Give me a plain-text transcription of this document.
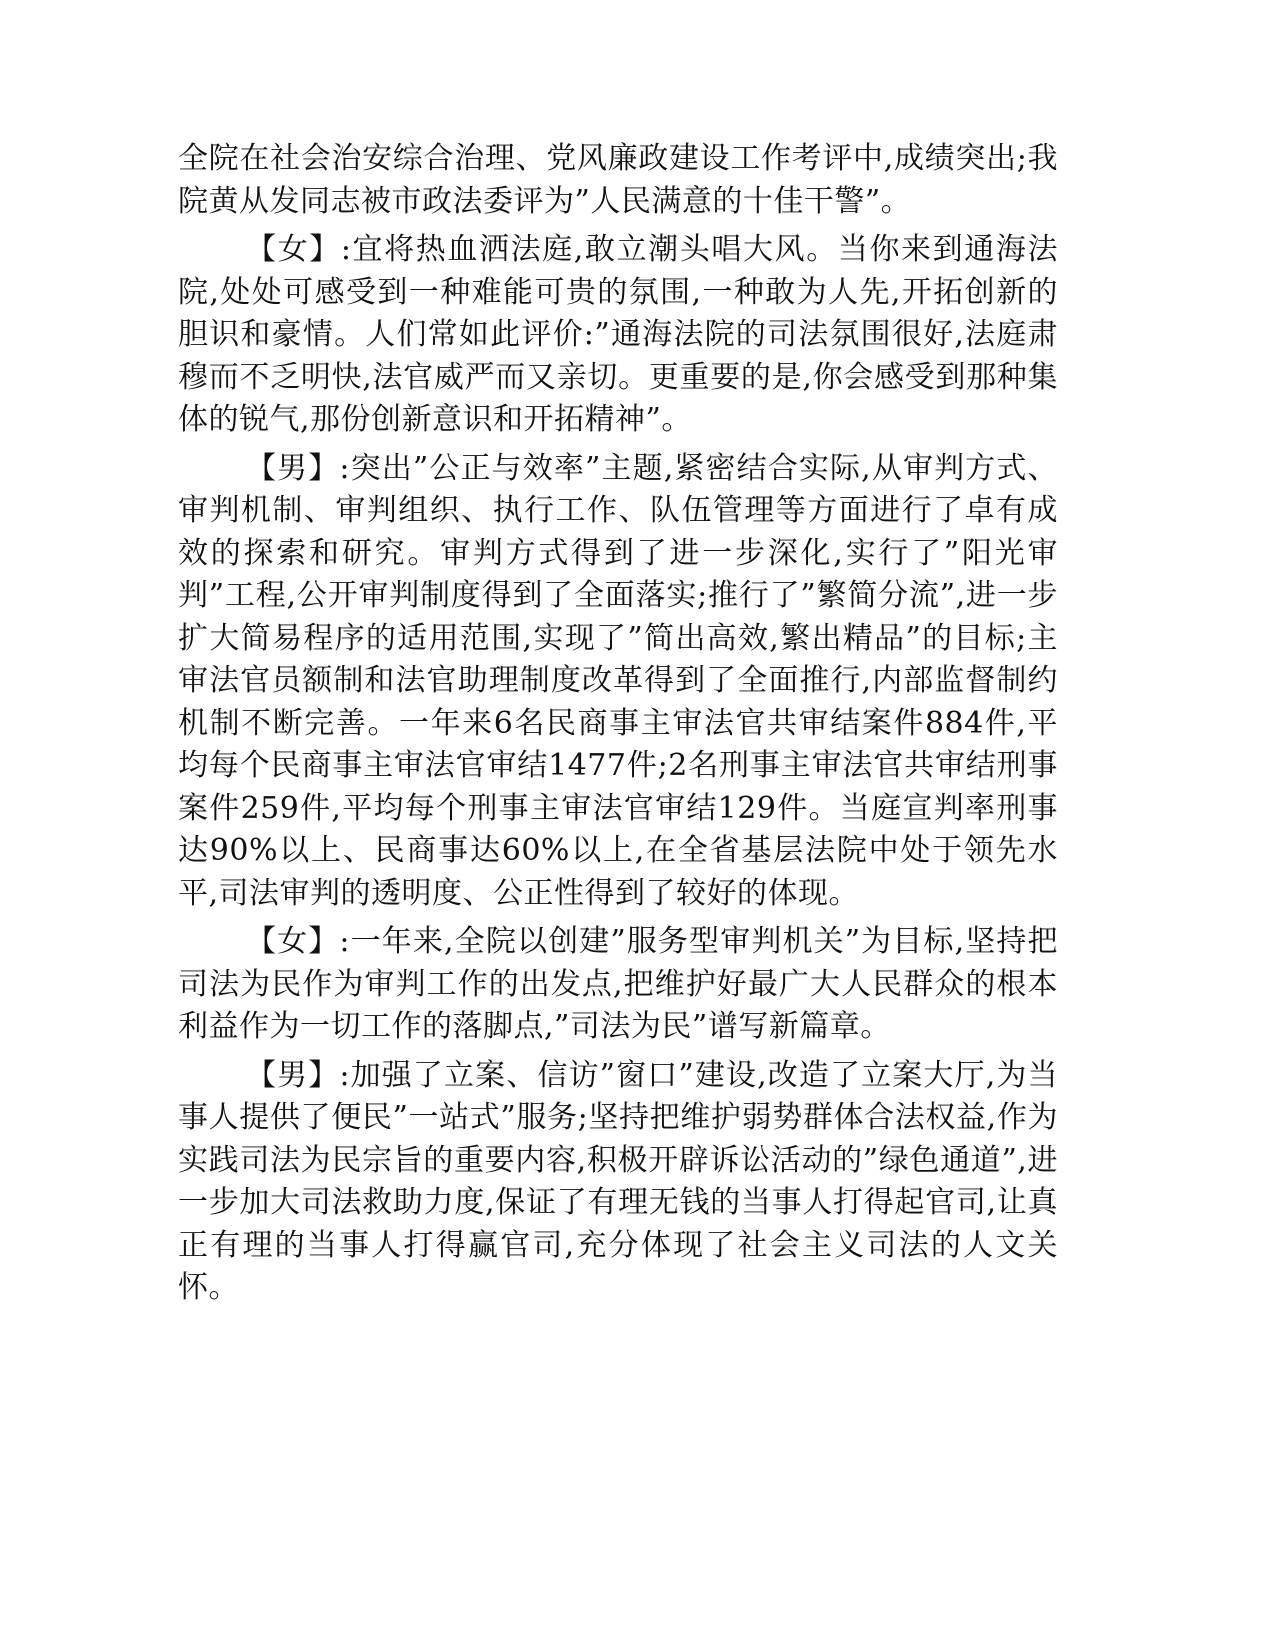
全院在社会治安综合治理、党风廉政建设工作考评中,成绩突出;我院黄从发同志被市政法委评为”人民满意的十佳干警”。

【女】:宜将热血洒法庭,敢立潮头唱大风。当你来到通海法院,处处可感受到一种难能可贵的氛围,一种敢为人先,开拓创新的胆识和豪情。人们常如此评价:”通海法院的司法氛围很好,法庭肃穆而不乏明快,法官威严而又亲切。更重要的是,你会感受到那种集体的锐气,那份创新意识和开拓精神”。

【男】:突出”公正与效率”主题,紧密结合实际,从审判方式、审判机制、审判组织、执行工作、队伍管理等方面进行了卓有成效的探索和研究。审判方式得到了进一步深化,实行了”阳光审判”工程,公开审判制度得到了全面落实;推行了”繁简分流”,进一步扩大简易程序的适用范围,实现了”简出高效,繁出精品”的目标;主审法官员额制和法官助理制度改革得到了全面推行,内部监督制约机制不断完善。一年来6名民商事主审法官共审结案件884件,平均每个民商事主审法官审结1477件;2名刑事主审法官共审结刑事案件259件,平均每个刑事主审法官审结129件。当庭宣判率刑事达90%以上、民商事达60%以上,在全省基层法院中处于领先水平,司法审判的透明度、公正性得到了较好的体现。

【女】:一年来,全院以创建”服务型审判机关”为目标,坚持把司法为民作为审判工作的出发点,把维护好最广大人民群众的根本利益作为一切工作的落脚点,”司法为民”谱写新篇章。

【男】:加强了立案、信访”窗口”建设,改造了立案大厅,为当事人提供了便民”一站式”服务;坚持把维护弱势群体合法权益,作为实践司法为民宗旨的重要内容,积极开辟诉讼活动的”绿色通道”,进一步加大司法救助力度,保证了有理无钱的当事人打得起官司,让真正有理的当事人打得赢官司,充分体现了社会主义司法的人文关怀。
